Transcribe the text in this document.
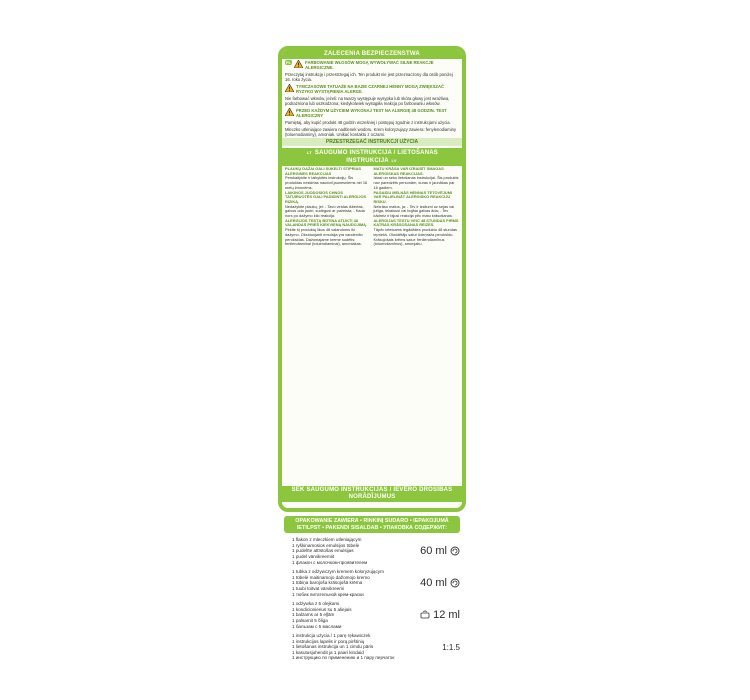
ZALECENIA BEZPIECZEŃSTWA
PL	FARBOWANIE WŁOSÓW MOGĄ WYWOŁYWAĆ SILNE REAKCJE ALERGICZNE.
Przeczytaj instrukcję i przestrzegaj ich. Ten produkt nie jest przeznaczony dla osób poniżej 16. roku życia.
TYMCZASOWE TATUAŻE NA BAZIE CZARNEJ HENNY MOGĄ ZWIĘKSZAĆ RYZYKO WYSTĄPIENIA ALERGII.
Nie farbować włosów, jeżeli: na twarzy występuje wysypka lub skóra głowy jest wrażliwa, podrażniona lub uszkodzona; kiedykolwiek wystąpiła reakcja po farbowaniu włosów.
PRZED KAŻDYM UŻYCIEM WYKONAJ TEST NA ALERGIĘ 48 GODZIN. TEST ALERGICZNY
Pamiętaj, aby kupić produkt 48 godzin wcześniej i postępuj zgodnie z instrukcjami użycia.
Mleczko utleniające zawiera nadtlenek wodoru. Krem koloryzujący zawiera: fenylenodiaminy (toluenodiaminy), amoniak. Unikać kontaktu z oczami.
PRZESTRZEGAĆ INSTRUKCJI UŻYCIA
LT SAUGUMO INSTRUKCIJA / LIETOŠANAS INSTRUKCIJA LV
PLAUKŲ DAŽAI GALI SUKELTI STIPRIAS ALERGINES REAKCIJAS
Perskaitykite ir laikykitės instrukcijų. Šis produktas neskirtas naudoti jaunesniems nei 16 metų žmonėms.
LAIKINOS JUODOSIOS CHNOS TATUIRUOTĖS GALI PADIDINTI ALERGIJOS RIZIKĄ.
Nedažykite plaukų, jei: - Tavo veidas išbertas, galvos oda jautri, sudirgusi ar pažeista; - Kada nors po dažymo kilo reakcija.
ALERGIJOS TESTĄ BŪTINA ATLIKTI 48 VALANDAS PRIEŠ KIEKVIENĄ NAUDOJIMĄ.
Pirkite šį produktą likus 48 valandoms iki dažymo. Oksiduojanti emulsija yra vandenilio peroksidas. Dažomajame kreme sudėtis: fenilendiaminai (toluendiaminai), amoniakas.
MATU KRĀSA VAR IZRAISĪT SMAGAS ALERGISKAS REAKCIJAS.
Izlasi un seko lietošanas instrukcijai. Šis produkts nav paredzēts personām, kuras ir jaunākas par 16 gadiem.
PAGAIDU MELNĀS HENNAS TETOVĒJUMI VAR PALIELINĀT ALERGISKO REAKCIJU RISKU.
Nekrāso matus, ja: - Tev ir izsitumi uz sejas vai jutīga, iekaisusi vai bojāta galvas āda; - Tev kādreiz ir bijusi reakcija pēc matu krāsošanas.
ALERGIJAS TESTU VEIC 48 STUNDAS PIRMS KATRAS KRĀSOŠANAS REIZES.
Tāpēc ieteicams iegādāties produktu 48 stundas iepriekš. Oksidētājs satur ūdeņraža peroksīdu. Krāsojošais krēms satur: fenilendiamīnus (toluendiamīnus), amonjaku.
SEK SAUGUMO INSTRUKCIJAS / IEVĒRO DROŠĪBAS NORĀDĪJUMUS
OPAKOWANIE ZAWIERA • RINKINĮ SUDARO • IEPAKOJUMĀ IETILPST • PAKENDI SISALDAB • УПАКОВКА СОДЕРЖИТ:
1 flakon z mleczkiem utleniającym
1 ryškinamosios emulsijos tūbelė
1 pudelīte attīstošas emulsijas
1 pudel värvikreemiit
1 флакон с молочком-проявителем
60 ml
1 tubka z odżywczym kremem koloryzującym
1 tūbelė maitinamojo dažomojo kremo
1 tūbiņa barojoša krāsojošā krēma
1 tuubi toitvat värvikreemi
1 тюбик питательной крем-краски
40 ml
1 odżywka z 5 olejkami
1 kondicionierius su 5 aliejais
1 balzams ar 5 eļļām
1 palsamit 5 õliga
1 бальзам с 5 маслами
12 ml
1 instrukcja użycia / 1 parę rękawiczek
1 instrukcijos lapelis ir porą pirštinių
1 lietošanas instrukcija un 1 cimdu pāris
1 kasutusjuhendit ja 1 paari kindaid
1 инструкцию по применению и 1 пару перчаток
1:1.5
